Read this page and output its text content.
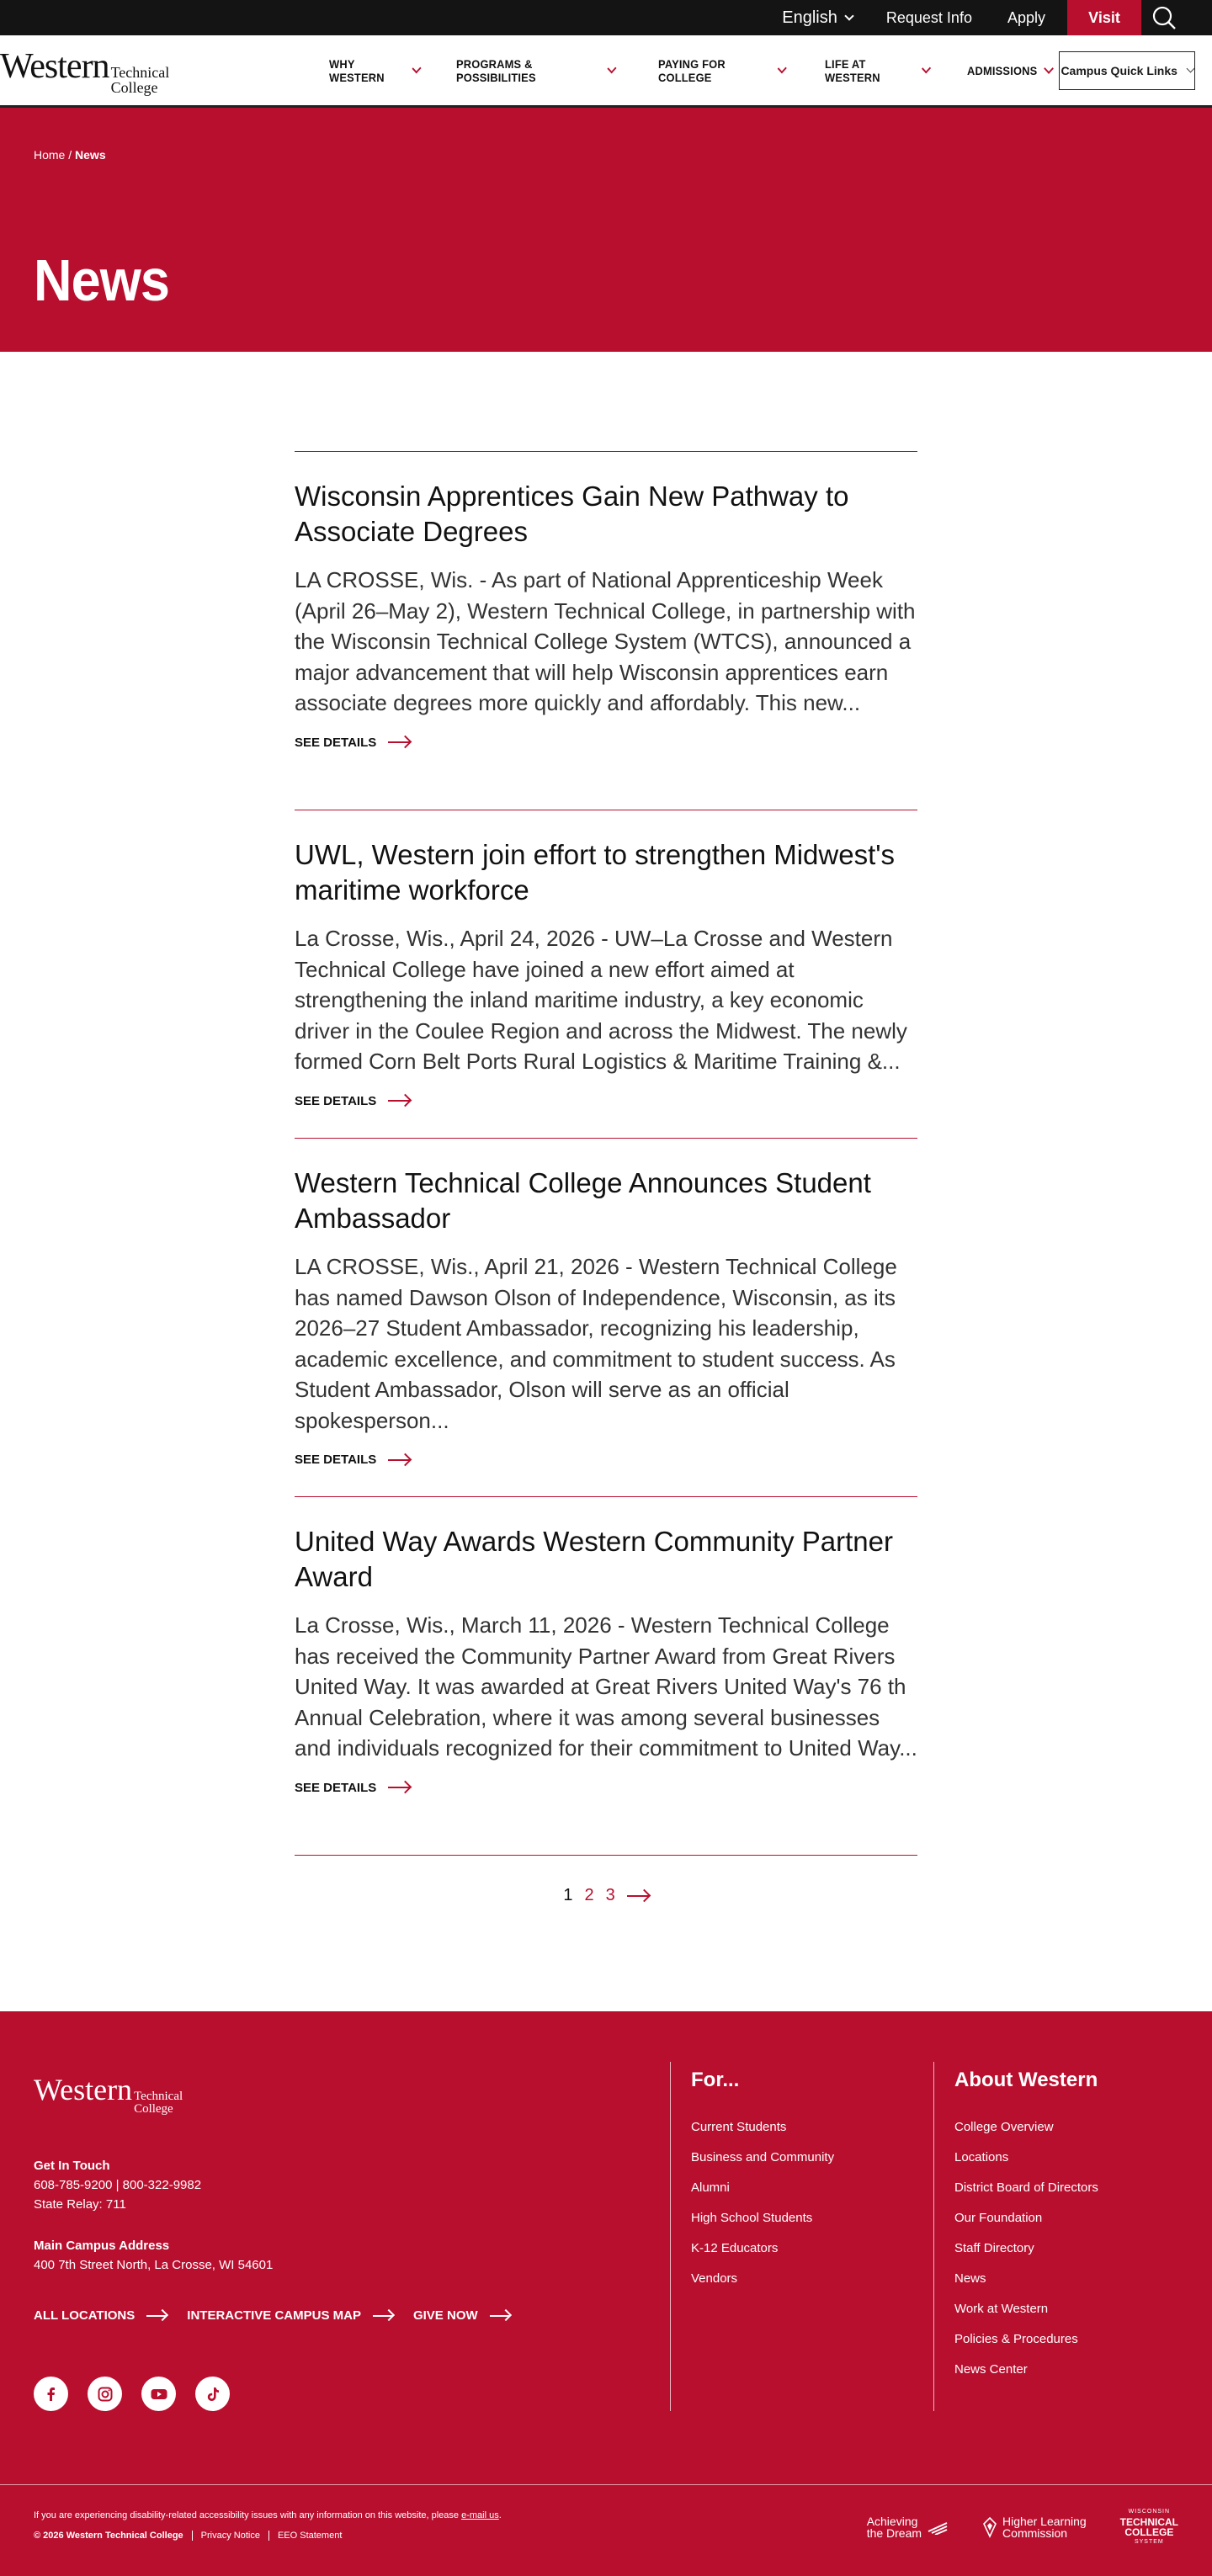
English	Request Info Apply	Visit
Western Technical
College
WHY WESTERN
PROGRAMS & POSSIBILITIES
PAYING FOR COLLEGE
LIFE AT WESTERN	ADMISSIONS Campus Quick Links
Home / News
News
Wisconsin Apprentices Gain New Pathway to Associate Degrees

LA CROSSE, Wis. - As part of National Apprenticeship Week (April 26–May 2), Western Technical College, in partnership with the Wisconsin Technical College System (WTCS), announced a major advancement that will help Wisconsin apprentices earn associate degrees more quickly and affordably. This new...

SEE DETAILS
UWL, Western join effort to strengthen Midwest's maritime workforce

La Crosse, Wis., April 24, 2026 - UW–La Crosse and Western Technical College have joined a new effort aimed at strengthening the inland maritime industry, a key economic driver in the Coulee Region and across the Midwest. The newly formed Corn Belt Ports Rural Logistics & Maritime Training &...

SEE DETAILS
Western Technical College Announces Student Ambassador

LA CROSSE, Wis., April 21, 2026 - Western Technical College has named Dawson Olson of Independence, Wisconsin, as its 2026–27 Student Ambassador, recognizing his leadership, academic excellence, and commitment to student success. As Student Ambassador, Olson will serve as an official spokesperson...

SEE DETAILS
United Way Awards Western Community Partner Award

La Crosse, Wis., March 11, 2026 - Western Technical College has received the Community Partner Award from Great Rivers United Way. It was awarded at Great Rivers United Way's 76 th Annual Celebration, where it was among several businesses and individuals recognized for their commitment to United Way...

SEE DETAILS
1 2 3
Western Technical
College
Get In Touch
608-785-9200 | 800-322-9982
State Relay: 711
Main Campus Address
400 7th Street North, La Crosse, WI 54601
ALL LOCATIONS	INTERACTIVE CAMPUS MAP	GIVE NOW
For...
Current Students
Business and Community
Alumni
High School Students
K-12 Educators
Vendors
About Western
College Overview
Locations
District Board of Directors
Our Foundation
Staff Directory
News
Work at Western
Policies & Procedures
News Center
If you are experiencing disability-related accessibility issues with any information on this website, please e-mail us.
© 2026 Western Technical College	Privacy Notice	EEO Statement
Achieving
the Dream
Higher Learning
Commission
WISCONSIN
TECHNICAL
COLLEGE
SYSTEM
